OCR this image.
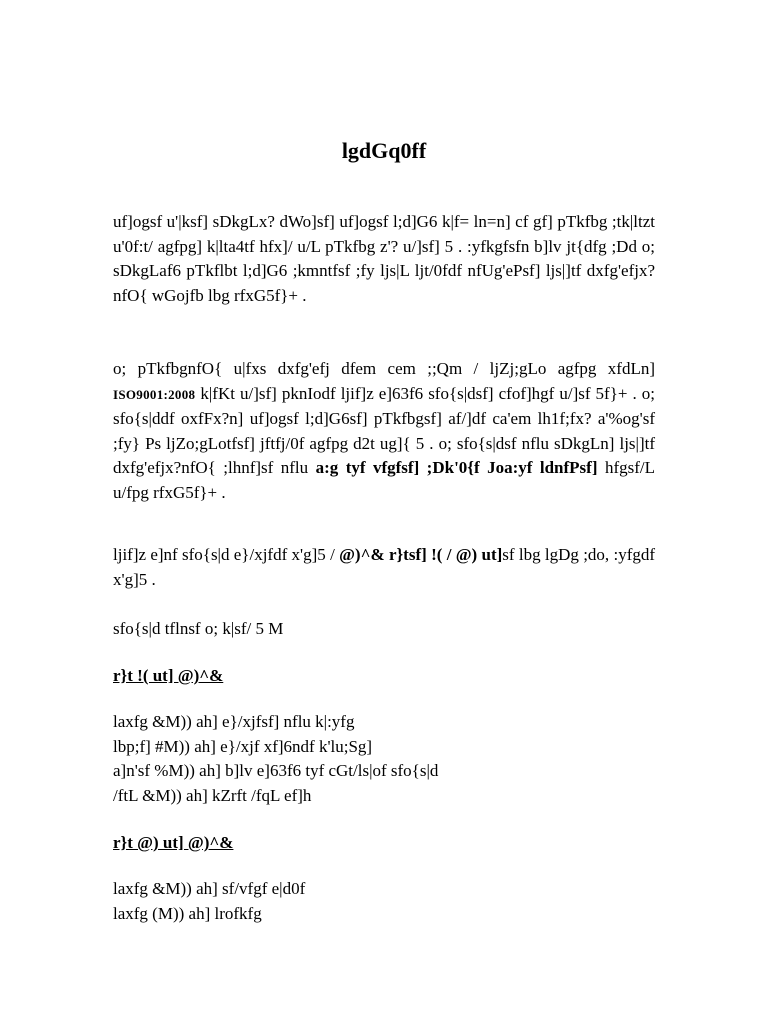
lgdGq0ff

uf]ogsf u'|ksf] sDkgLx? dWo]sf] uf]ogsf l;d]G6 k|f= ln=n] cf gf] pTkfbg ;tk|ltzt u'0f:t/ agfpg] k|lta4tf hfx]/ u/L pTkfbg z'? u/]sf] 5 . :yfkgfsfn b]lv jt{dfg ;Dd o; sDkgLaf6 pTkflbt l;d]G6 ;kmntfsf ;fy ljs|L ljt/0fdf nfUg'ePsf] ljs|]tf dxfg'efjx?nfO{ wGojfb lbg rfxG5f}+ .

o; pTkfbgnfO{ u|fxs dxfg'efj dfem cem ;;Qm / ljZj;gLo agfpg xfdLn] ISO9001:2008 k|fKt u/]sf] pknIodf ljif]z e]63f6 sfo{s|dsf] cfof]hgf u/]sf 5f}+ . o; sfo{s|ddf oxfFx?n] uf]ogsf l;d]G6sf] pTkfbgsf] af/]df ca'em lh1f;fx? a'%og'sf ;fy} Ps ljZo;gLotfsf] jftfj/0f agfpg d2t ug]{ 5 . o; sfo{s|dsf nflu sDkgLn] ljs|]tf dxfg'efjx?nfO{ ;lhnf]sf nflu a:g tyf vfgfsf] ;Dk'0{f Joa:yf ldnfPsf] hfgsf/L u/fpg rfxG5f}+ .

ljif]z e]nf sfo{s|d e}/xjfdf x'g]5 / @)^& r}tsf] !( / @) ut]sf lbg lgDg ;do, :yfgdf x'g]5 .

sfo{s|d tflnsf o; k|sf/ 5 M

r}t !( ut] @)^&
laxfg &M)) ah] e}/xjfsf] nflu k|:yfg
lbp;f] #M)) ah] e}/xjf xf]6ndf k'lu;Sg]
a]n'sf %M)) ah] b]lv e]63f6 tyf cGt/ls|of sfo{s|d
/ftL &M)) ah] kZrft /fqL ef]h
r}t @) ut] @)^&
laxfg &M)) ah] sf/vfgf e|d0f
laxfg (M)) ah] lrofkfg
